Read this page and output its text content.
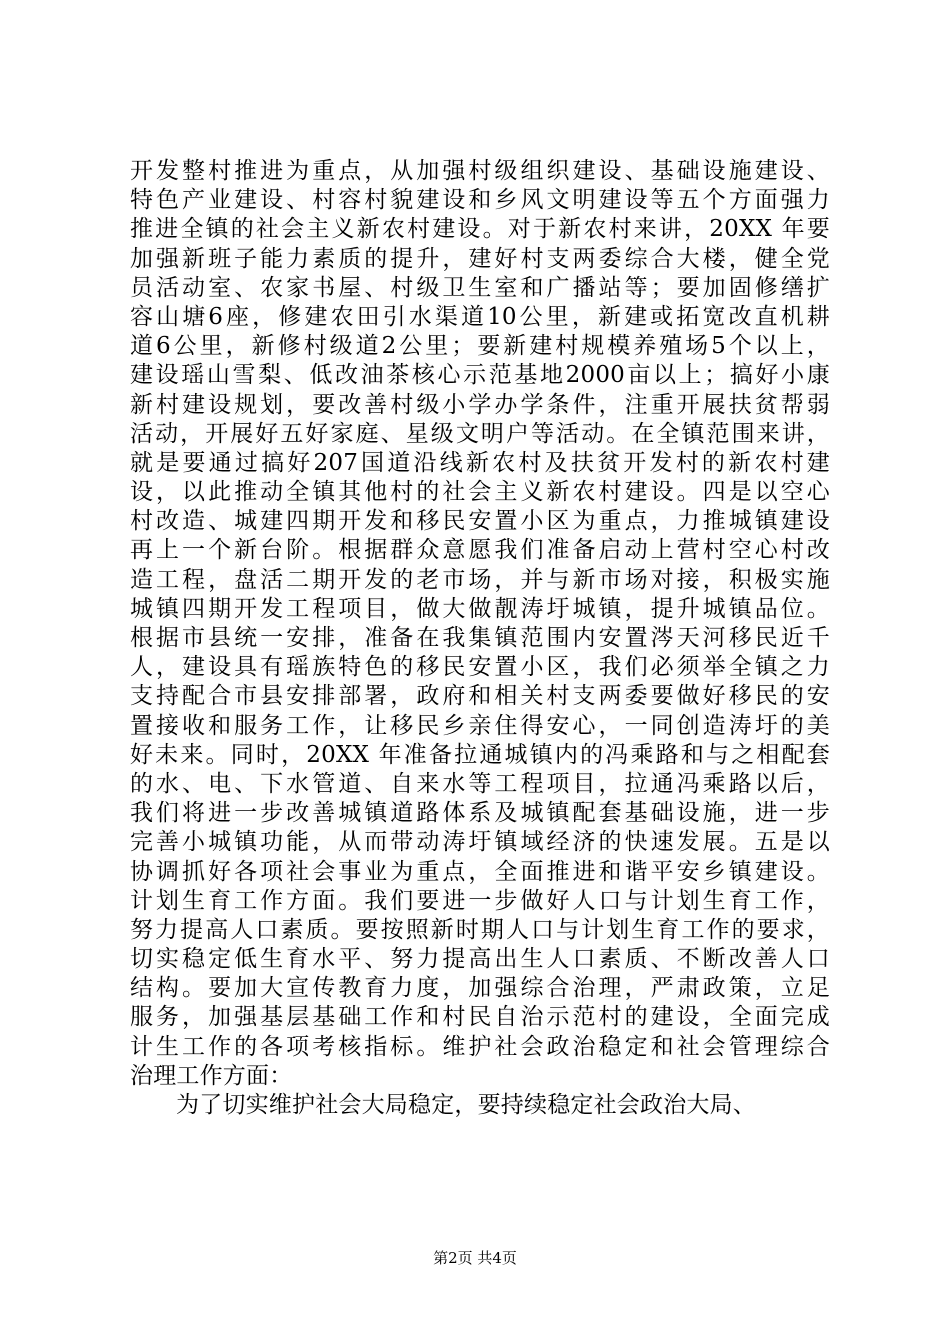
开发整村推进为重点，从加强村级组织建设、基础设施建设、
特色产业建设、村容村貌建设和乡风文明建设等五个方面强力
推进全镇的社会主义新农村建设。对于新农村来讲，20XX 年要
加强新班子能力素质的提升，建好村支两委综合大楼，健全党
员活动室、农家书屋、村级卫生室和广播站等；要加固修缮扩
容山塘6座，修建农田引水渠道10公里，新建或拓宽改直机耕
道6公里，新修村级道2公里；要新建村规模养殖场5个以上，
建设瑶山雪梨、低改油茶核心示范基地2000亩以上；搞好小康
新村建设规划，要改善村级小学办学条件，注重开展扶贫帮弱
活动，开展好五好家庭、星级文明户等活动。在全镇范围来讲，
就是要通过搞好207国道沿线新农村及扶贫开发村的新农村建
设，以此推动全镇其他村的社会主义新农村建设。四是以空心
村改造、城建四期开发和移民安置小区为重点，力推城镇建设
再上一个新台阶。根据群众意愿我们准备启动上营村空心村改
造工程，盘活二期开发的老市场，并与新市场对接，积极实施
城镇四期开发工程项目，做大做靓涛圩城镇，提升城镇品位。
根据市县统一安排，准备在我集镇范围内安置涔天河移民近千
人，建设具有瑶族特色的移民安置小区，我们必须举全镇之力
支持配合市县安排部署，政府和相关村支两委要做好移民的安
置接收和服务工作，让移民乡亲住得安心，一同创造涛圩的美
好未来。同时，20XX 年准备拉通城镇内的冯乘路和与之相配套
的水、电、下水管道、自来水等工程项目，拉通冯乘路以后，
我们将进一步改善城镇道路体系及城镇配套基础设施，进一步
完善小城镇功能，从而带动涛圩镇域经济的快速发展。五是以
协调抓好各项社会事业为重点，全面推进和谐平安乡镇建设。
计划生育工作方面。我们要进一步做好人口与计划生育工作，
努力提高人口素质。要按照新时期人口与计划生育工作的要求，
切实稳定低生育水平、努力提高出生人口素质、不断改善人口
结构。要加大宣传教育力度，加强综合治理，严肃政策，立足
服务，加强基层基础工作和村民自治示范村的建设，全面完成
计生工作的各项考核指标。维护社会政治稳定和社会管理综合
治理工作方面：
为了切实维护社会大局稳定，要持续稳定社会政治大局、
第2页 共4页
